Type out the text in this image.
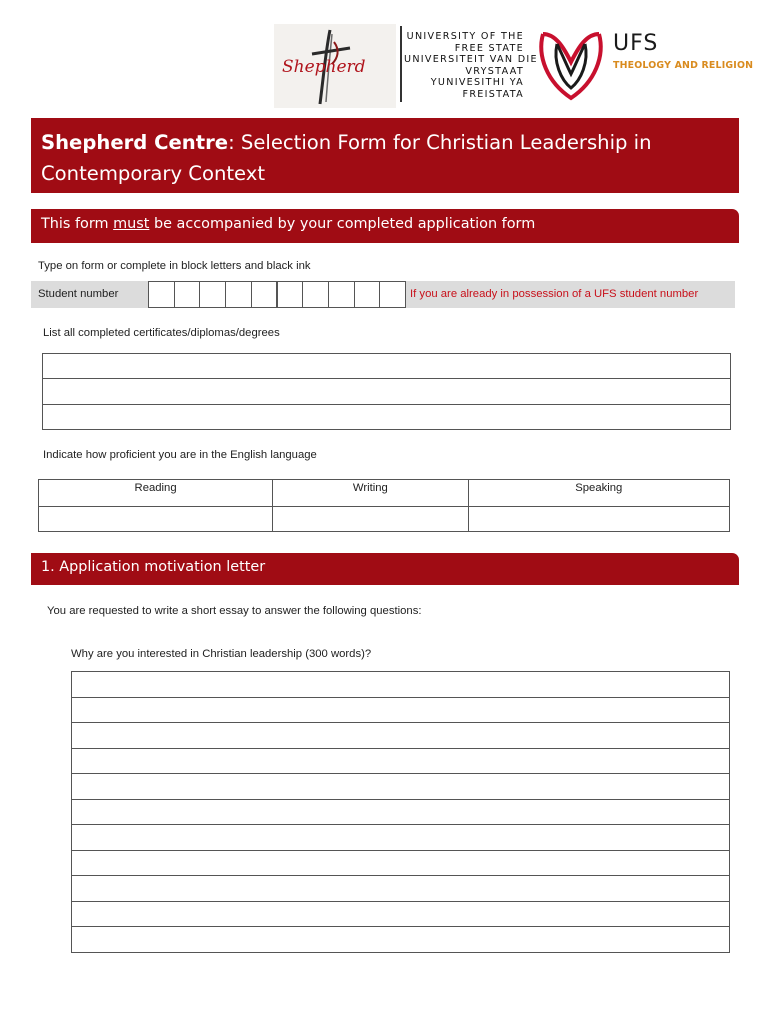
Shepherd
UNIVERSITY OF THE
FREE STATE
UNIVERSITEIT VAN DIE
VRYSTAAT
YUNIVESITHI YA
FREISTATA
UFS
THEOLOGY AND RELIGION
Shepherd Centre: Selection Form for Christian Leadership in Contemporary Context
This form must be accompanied by your completed application form
Type on form or complete in block letters and black ink
Student number	If you are already in possession of a UFS student number
List all completed certificates/diplomas/degrees
Indicate how proficient you are in the English language
Reading	Writing	Speaking

1. Application motivation letter
You are requested to write a short essay to answer the following questions:
Why are you interested in Christian leadership (300 words)?
